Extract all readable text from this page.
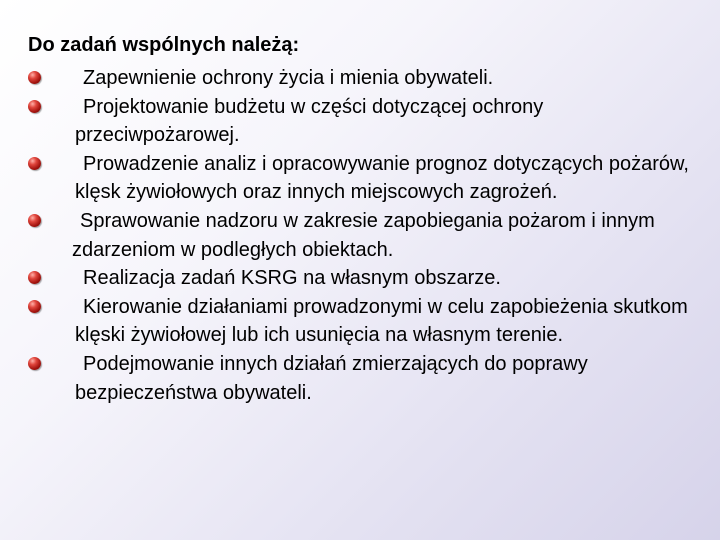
Do zadań wspólnych należą:
Zapewnienie ochrony życia i mienia obywateli.
Projektowanie budżetu w części dotyczącej ochrony przeciwpożarowej.
Prowadzenie analiz i opracowywanie prognoz dotyczących pożarów, klęsk żywiołowych oraz innych miejscowych zagrożeń.
Sprawowanie nadzoru w zakresie zapobiegania pożarom i innym zdarzeniom w podległych obiektach.
Realizacja zadań KSRG na własnym obszarze.
Kierowanie działaniami prowadzonymi w celu zapobieżenia skutkom klęski żywiołowej lub ich usunięcia na własnym terenie.
Podejmowanie innych działań zmierzających do poprawy bezpieczeństwa obywateli.
